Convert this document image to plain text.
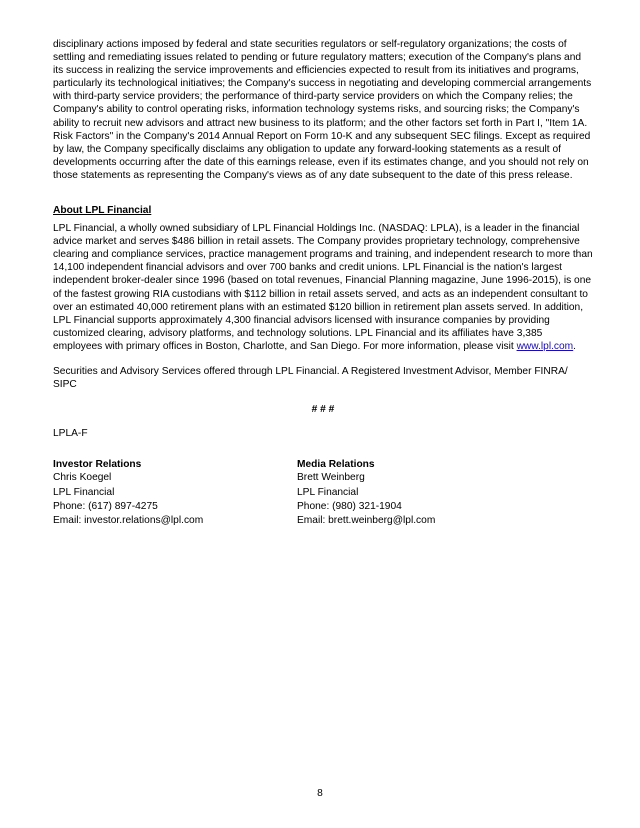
disciplinary actions imposed by federal and state securities regulators or self-regulatory organizations; the costs of settling and remediating issues related to pending or future regulatory matters; execution of the Company's plans and its success in realizing the service improvements and efficiencies expected to result from its initiatives and programs, particularly its technological initiatives; the Company's success in negotiating and developing commercial arrangements with third-party service providers; the performance of third-party service providers on which the Company relies; the Company's ability to control operating risks, information technology systems risks, and sourcing risks; the Company's ability to recruit new advisors and attract new business to its platform; and the other factors set forth in Part I, "Item 1A. Risk Factors" in the Company's 2014 Annual Report on Form 10-K and any subsequent SEC filings. Except as required by law, the Company specifically disclaims any obligation to update any forward-looking statements as a result of developments occurring after the date of this earnings release, even if its estimates change, and you should not rely on those statements as representing the Company's views as of any date subsequent to the date of this press release.

About LPL Financial

LPL Financial, a wholly owned subsidiary of LPL Financial Holdings Inc. (NASDAQ: LPLA), is a leader in the financial advice market and serves $486 billion in retail assets. The Company provides proprietary technology, comprehensive clearing and compliance services, practice management programs and training, and independent research to more than 14,100 independent financial advisors and over 700 banks and credit unions. LPL Financial is the nation's largest independent broker-dealer since 1996 (based on total revenues, Financial Planning magazine, June 1996-2015), is one of the fastest growing RIA custodians with $112 billion in retail assets served, and acts as an independent consultant to over an estimated 40,000 retirement plans with an estimated $120 billion in retirement plan assets served. In addition, LPL Financial supports approximately 4,300 financial advisors licensed with insurance companies by providing customized clearing, advisory platforms, and technology solutions. LPL Financial and its affiliates have 3,385 employees with primary offices in Boston, Charlotte, and San Diego. For more information, please visit www.lpl.com.

Securities and Advisory Services offered through LPL Financial. A Registered Investment Advisor, Member FINRA/ SIPC

# # #
LPLA-F
Investor Relations
Chris Koegel
LPL Financial
Phone: (617) 897-4275
Email: investor.relations@lpl.com
Media Relations
Brett Weinberg
LPL Financial
Phone: (980) 321-1904
Email: brett.weinberg@lpl.com
8
